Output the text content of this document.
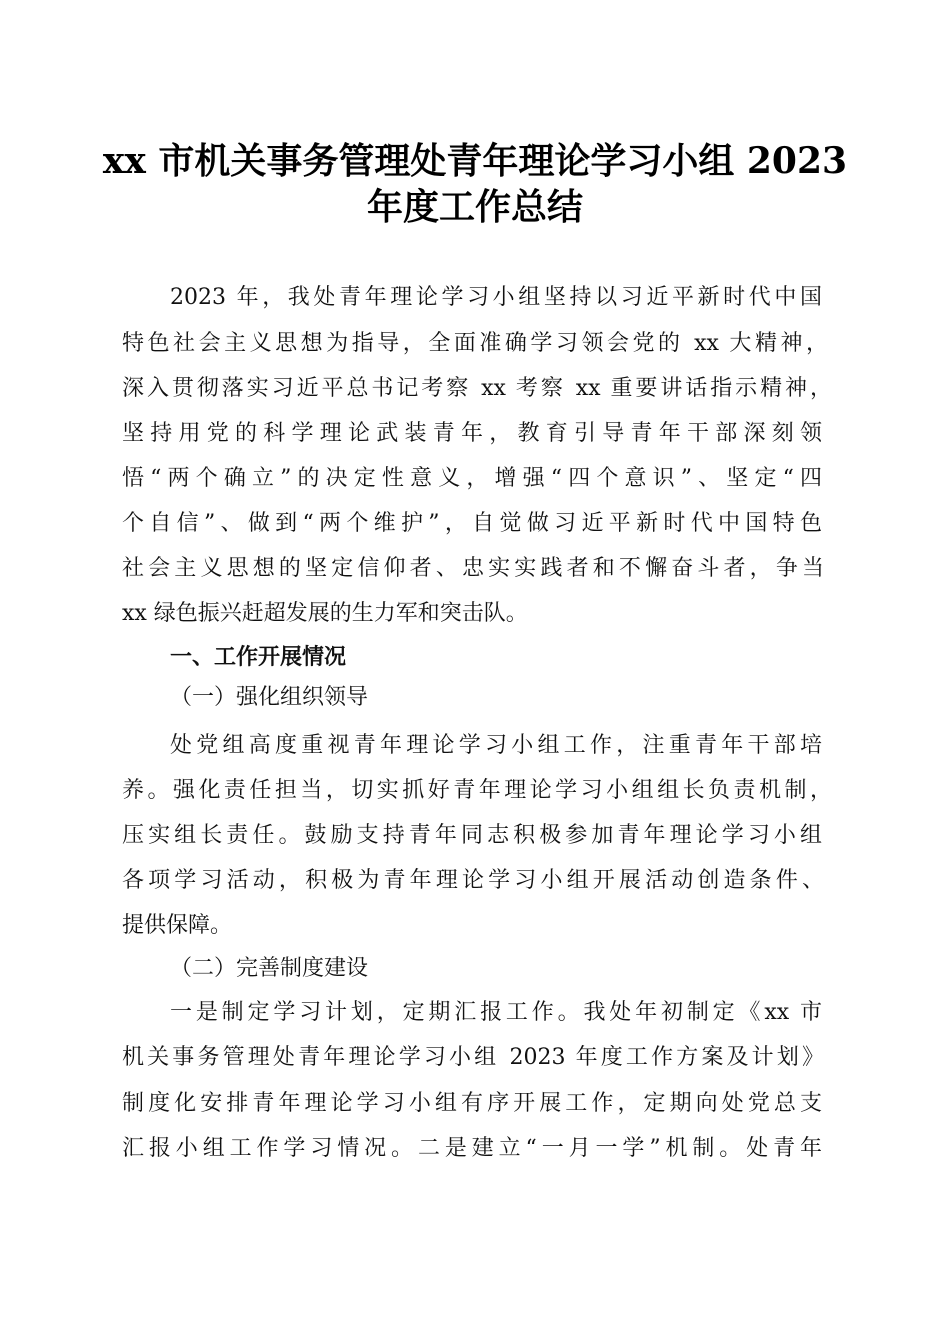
xx 市机关事务管理处青年理论学习小组 2023
年度工作总结
2023 年，我处青年理论学习小组坚持以习近平新时代中国
特色社会主义思想为指导，全面准确学习领会党的 xx 大精神，
深入贯彻落实习近平总书记考察 xx 考察 xx 重要讲话指示精神，
坚持用党的科学理论武装青年，教育引导青年干部深刻领
悟“两个确立”的决定性意义，增强“四个意识”、坚定“四
个自信”、做到“两个维护”，自觉做习近平新时代中国特色
社会主义思想的坚定信仰者、忠实实践者和不懈奋斗者，争当
xx 绿色振兴赶超发展的生力军和突击队。
一、工作开展情况
（一）强化组织领导
处党组高度重视青年理论学习小组工作，注重青年干部培
养。强化责任担当，切实抓好青年理论学习小组组长负责机制，
压实组长责任。鼓励支持青年同志积极参加青年理论学习小组
各项学习活动，积极为青年理论学习小组开展活动创造条件、
提供保障。
（二）完善制度建设
一是制定学习计划，定期汇报工作。我处年初制定《xx 市
机关事务管理处青年理论学习小组 2023 年度工作方案及计划》
制度化安排青年理论学习小组有序开展工作，定期向处党总支
汇报小组工作学习情况。二是建立“一月一学”机制。处青年
